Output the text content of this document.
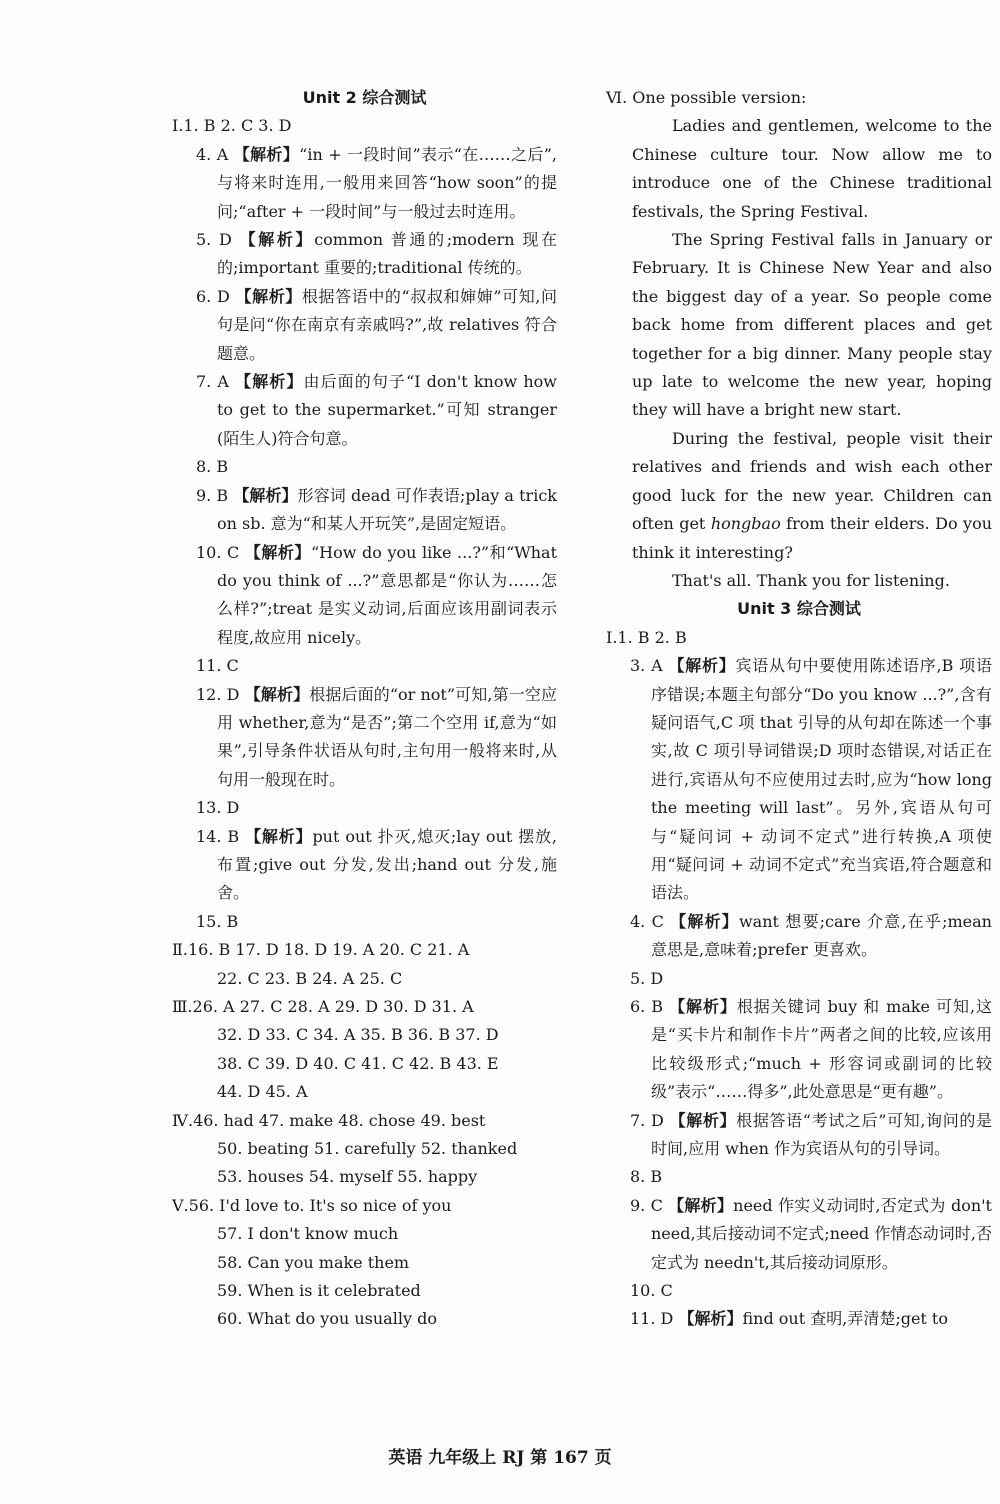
Unit 2 综合测试
Ⅰ.1. B 2. C 3. D
4. A 【解析】“in + 一段时间”表示“在……之后”,与将来时连用,一般用来回答“how soon”的提问;“after + 一段时间”与一般过去时连用。
5. D 【解析】common 普通的;modern 现在的;important 重要的;traditional 传统的。
6. D 【解析】根据答语中的“叔叔和婶婶”可知,问句是问“你在南京有亲戚吗?”,故 relatives 符合题意。
7. A 【解析】由后面的句子“I don't know how to get to the supermarket.”可知 stranger (陌生人)符合句意。
8. B
9. B 【解析】形容词 dead 可作表语;play a trick on sb. 意为“和某人开玩笑”,是固定短语。
10. C 【解析】“How do you like ...?”和“What do you think of ...?”意思都是“你认为……怎么样?”;treat 是实义动词,后面应该用副词表示程度,故应用 nicely。
11. C
12. D 【解析】根据后面的“or not”可知,第一空应用 whether,意为“是否”;第二个空用 if,意为“如果”,引导条件状语从句时,主句用一般将来时,从句用一般现在时。
13. D
14. B 【解析】put out 扑灭,熄灭;lay out 摆放,布置;give out 分发,发出;hand out 分发,施舍。
15. B
Ⅱ.16. B 17. D 18. D 19. A 20. C 21. A
22. C 23. B 24. A 25. C
Ⅲ.26. A 27. C 28. A 29. D 30. D 31. A
32. D 33. C 34. A 35. B 36. B 37. D
38. C 39. D 40. C 41. C 42. B 43. E
44. D 45. A
Ⅳ.46. had 47. make 48. chose 49. best
50. beating 51. carefully 52. thanked
53. houses 54. myself 55. happy
Ⅴ.56. I'd love to. It's so nice of you
57. I don't know much
58. Can you make them
59. When is it celebrated
60. What do you usually do
Ⅵ. One possible version:
Ladies and gentlemen, welcome to the Chinese culture tour. Now allow me to introduce one of the Chinese traditional festivals, the Spring Festival.
The Spring Festival falls in January or February. It is Chinese New Year and also the biggest day of a year. So people come back home from different places and get together for a big dinner. Many people stay up late to welcome the new year, hoping they will have a bright new start.
During the festival, people visit their relatives and friends and wish each other good luck for the new year. Children can often get hongbao from their elders. Do you think it interesting?
That's all. Thank you for listening.
Unit 3 综合测试
Ⅰ.1. B 2. B
3. A 【解析】宾语从句中要使用陈述语序,B 项语序错误;本题主句部分“Do you know ...?”,含有疑问语气,C 项 that 引导的从句却在陈述一个事实,故 C 项引导词错误;D 项时态错误,对话正在进行,宾语从句不应使用过去时,应为“how long the meeting will last”。另外,宾语从句可与“疑问词 + 动词不定式”进行转换,A 项使用“疑问词 + 动词不定式”充当宾语,符合题意和语法。
4. C 【解析】want 想要;care 介意,在乎;mean 意思是,意味着;prefer 更喜欢。
5. D
6. B 【解析】根据关键词 buy 和 make 可知,这是“买卡片和制作卡片”两者之间的比较,应该用比较级形式;“much + 形容词或副词的比较级”表示“……得多”,此处意思是“更有趣”。
7. D 【解析】根据答语“考试之后”可知,询问的是时间,应用 when 作为宾语从句的引导词。
8. B
9. C 【解析】need 作实义动词时,否定式为 don't need,其后接动词不定式;need 作情态动词时,否定式为 needn't,其后接动词原形。
10. C
11. D 【解析】find out 查明,弄清楚;get to
英语 九年级上 RJ 第 167 页
